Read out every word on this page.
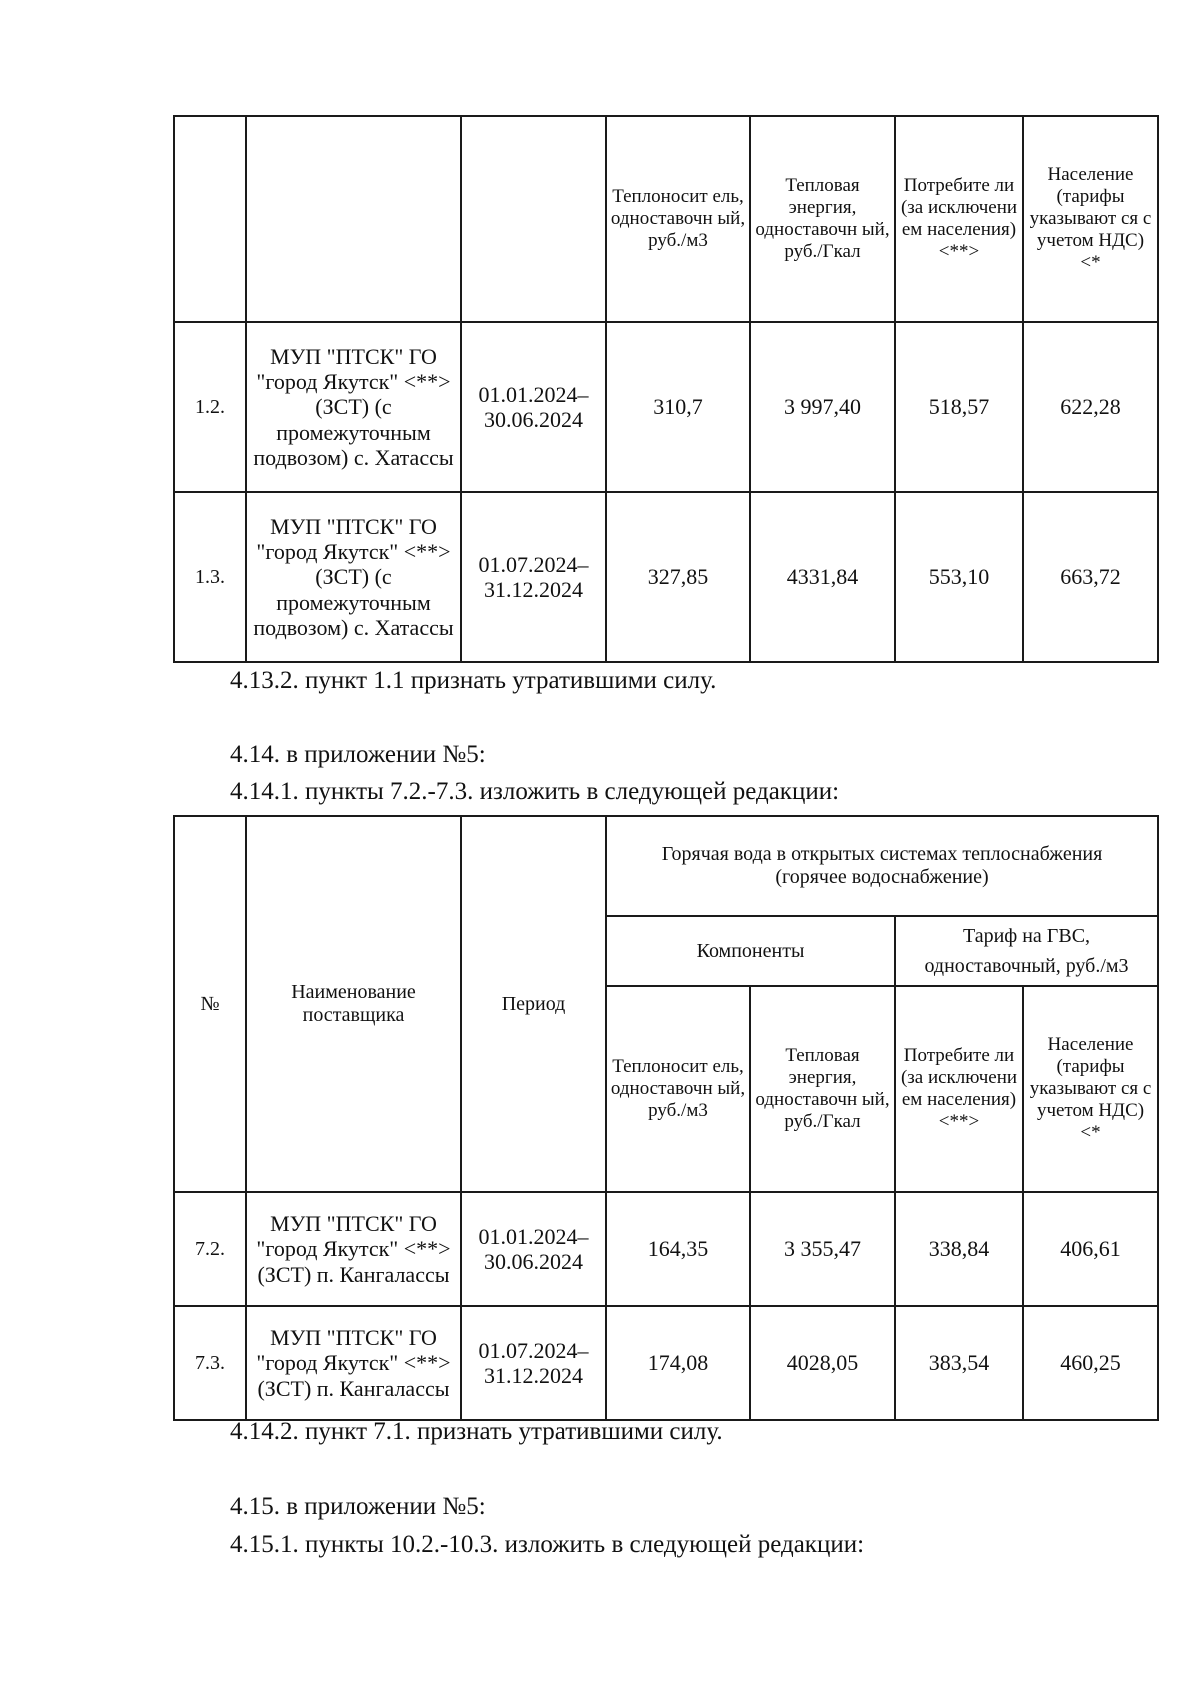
			Теплоносит ель, одноставочн ый, руб./м3	Тепловая энергия, одноставочн ый, руб./Гкал	Потребите ли (за исключени ем населения) <**>	Население (тарифы указывают ся с учетом НДС) <*
1.2.	МУП "ПТСК" ГО "город Якутск" <**> (ЗСТ) (с промежуточным подвозом) с. Хатассы	01.01.2024– 30.06.2024	310,7	3 997,40	518,57	622,28
1.3.	МУП "ПТСК" ГО "город Якутск" <**> (ЗСТ) (с промежуточным подвозом) с. Хатассы	01.07.2024– 31.12.2024	327,85	4331,84	553,10	663,72
4.13.2. пункт 1.1 признать утратившими силу.
4.14. в приложении №5:
4.14.1. пункты 7.2.-7.3. изложить в следующей редакции:
№	Наименование поставщика	Период	Горячая вода в открытых системах теплоснабжения (горячее водоснабжение)			
			Компоненты		Тариф на ГВС, одноставочный, руб./м3	
			Теплоносит ель, одноставочн ый, руб./м3	Тепловая энергия, одноставочн ый, руб./Гкал	Потребите ли (за исключени ем населения) <**>	Население (тарифы указывают ся с учетом НДС) <*
7.2.	МУП "ПТСК" ГО "город Якутск" <**> (ЗСТ) п. Кангалассы	01.01.2024– 30.06.2024	164,35	3 355,47	338,84	406,61
7.3.	МУП "ПТСК" ГО "город Якутск" <**> (ЗСТ) п. Кангалассы	01.07.2024– 31.12.2024	174,08	4028,05	383,54	460,25
4.14.2. пункт 7.1. признать утратившими силу.
4.15. в приложении №5:
4.15.1. пункты 10.2.-10.3. изложить в следующей редакции:
